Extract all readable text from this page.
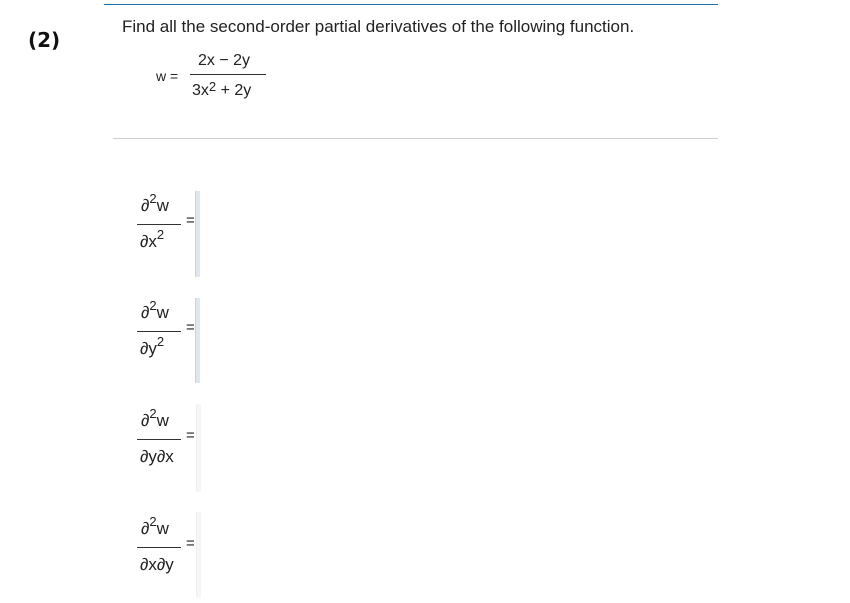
(2)
Find all the second-order partial derivatives of the following function.
w =
2x − 2y
$3x^2 + 2y$
∂$^2$w
$\partial x^2$
=
∂$^2$w
$\partial y^2$
=
∂$^2$w
∂y∂x
=
∂$^2$w
∂x∂y
=
